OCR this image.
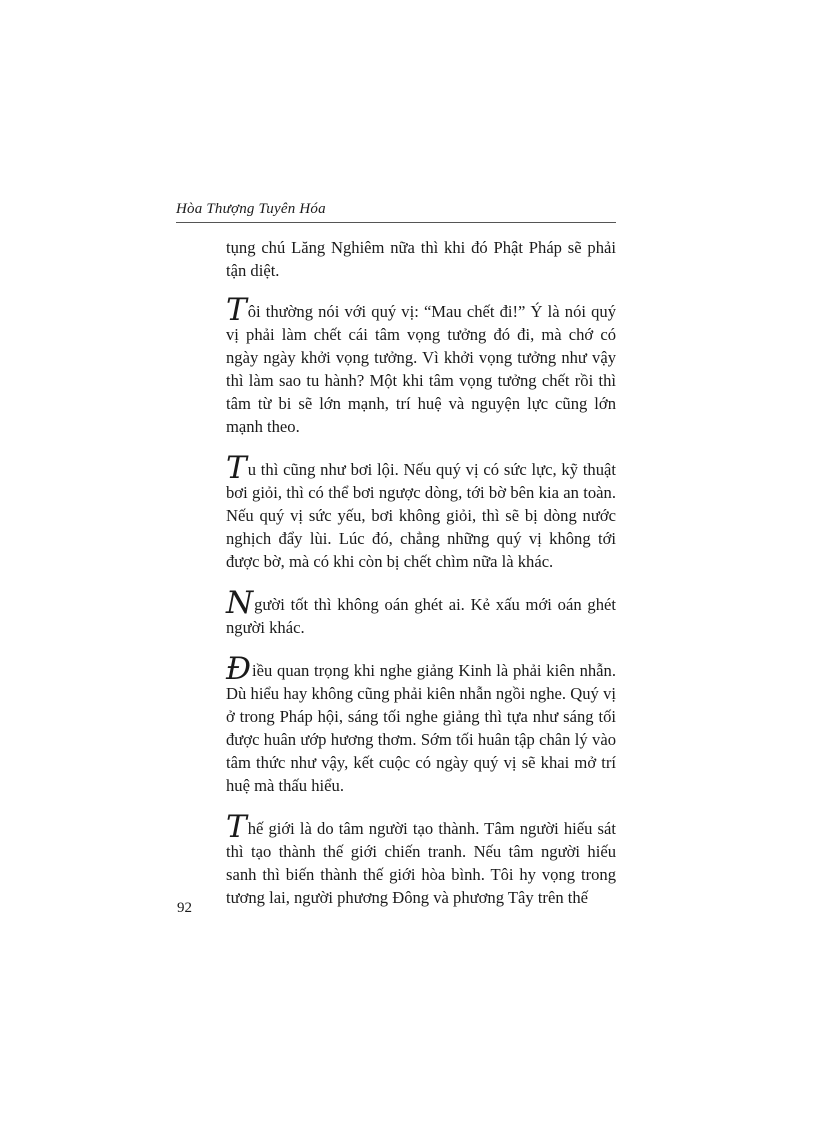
Hòa Thượng Tuyên Hóa

tụng chú Lăng Nghiêm nữa thì khi đó Phật Pháp sẽ phải tận diệt.

Tôi thường nói với quý vị: “Mau chết đi!” Ý là nói quý vị phải làm chết cái tâm vọng tưởng đó đi, mà chớ có ngày ngày khởi vọng tưởng. Vì khởi vọng tưởng như vậy thì làm sao tu hành? Một khi tâm vọng tưởng chết rồi thì tâm từ bi sẽ lớn mạnh, trí huệ và nguyện lực cũng lớn mạnh theo.

Tu thì cũng như bơi lội. Nếu quý vị có sức lực, kỹ thuật bơi giỏi, thì có thể bơi ngược dòng, tới bờ bên kia an toàn. Nếu quý vị sức yếu, bơi không giỏi, thì sẽ bị dòng nước nghịch đẩy lùi. Lúc đó, chẳng những quý vị không tới được bờ, mà có khi còn bị chết chìm nữa là khác.

Người tốt thì không oán ghét ai. Kẻ xấu mới oán ghét người khác.

Điều quan trọng khi nghe giảng Kinh là phải kiên nhẫn. Dù hiểu hay không cũng phải kiên nhẫn ngồi nghe. Quý vị ở trong Pháp hội, sáng tối nghe giảng thì tựa như sáng tối được huân ướp hương thơm. Sớm tối huân tập chân lý vào tâm thức như vậy, kết cuộc có ngày quý vị sẽ khai mở trí huệ mà thấu hiểu.

Thế giới là do tâm người tạo thành. Tâm người hiếu sát thì tạo thành thế giới chiến tranh. Nếu tâm người hiếu sanh thì biến thành thế giới hòa bình. Tôi hy vọng trong tương lai, người phương Đông và phương Tây trên thế

92
